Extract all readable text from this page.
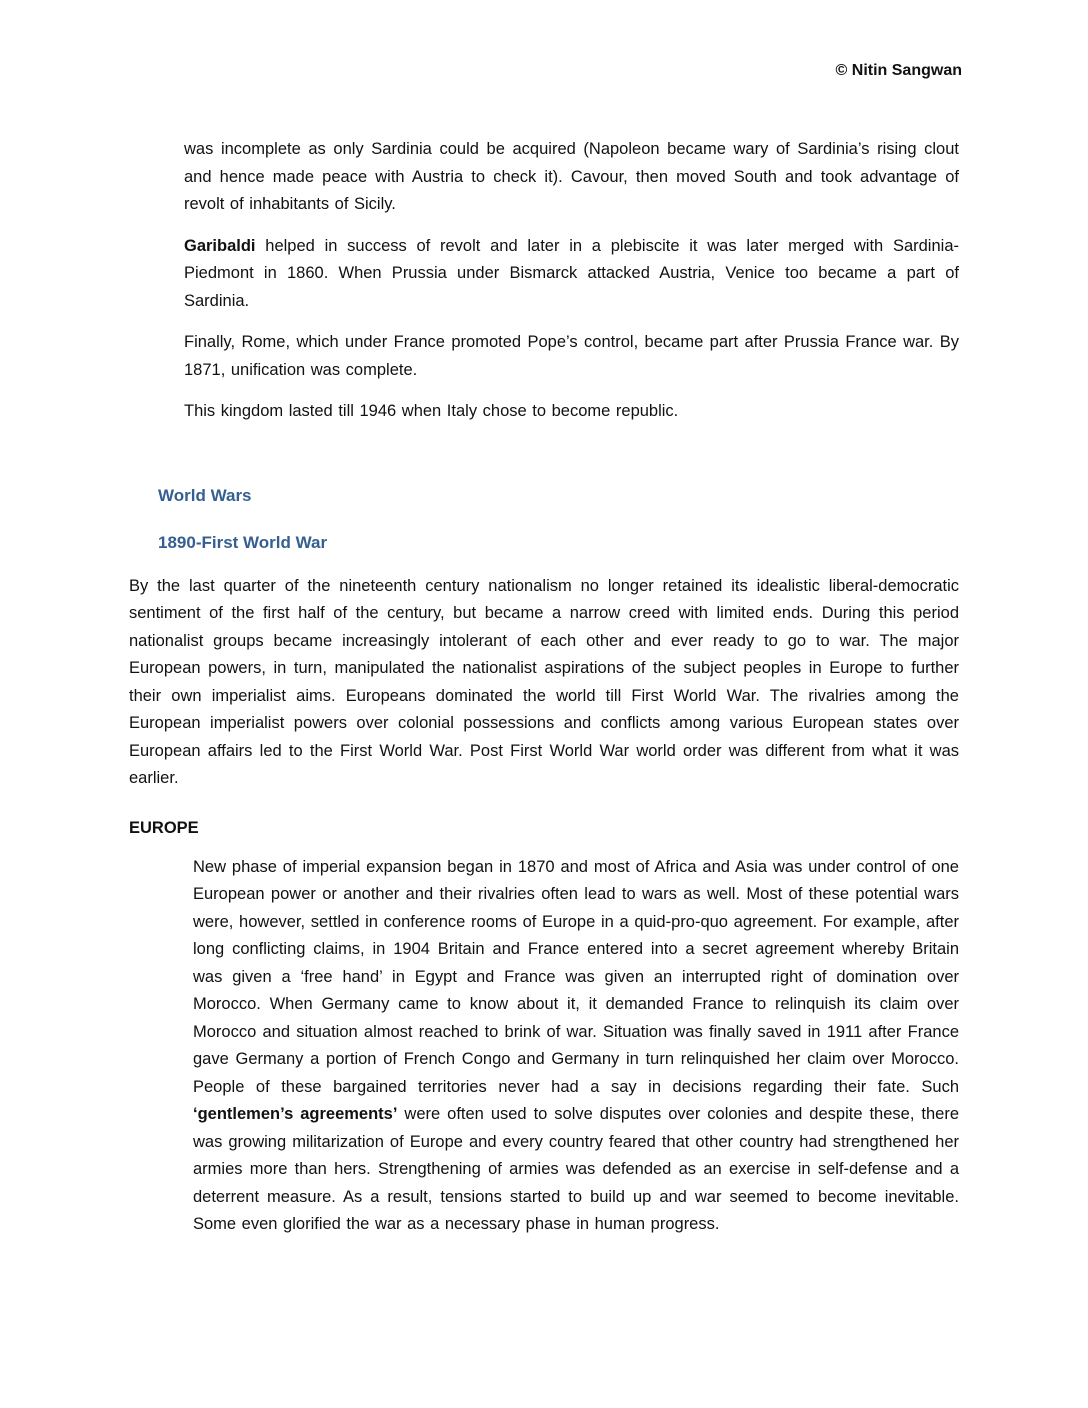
© Nitin Sangwan

was incomplete as only Sardinia could be acquired (Napoleon became wary of Sardinia’s rising clout and hence made peace with Austria to check it). Cavour, then moved South and took advantage of revolt of inhabitants of Sicily.

Garibaldi helped in success of revolt and later in a plebiscite it was later merged with Sardinia-Piedmont in 1860. When Prussia under Bismarck attacked Austria, Venice too became a part of Sardinia.

Finally, Rome, which under France promoted Pope’s control, became part after Prussia France war. By 1871, unification was complete.

This kingdom lasted till 1946 when Italy chose to become republic.

World Wars
1890-First World War

By the last quarter of the nineteenth century nationalism no longer retained its idealistic liberal-democratic sentiment of the first half of the century, but became a narrow creed with limited ends. During this period nationalist groups became increasingly intolerant of each other and ever ready to go to war. The major European powers, in turn, manipulated the nationalist aspirations of the subject peoples in Europe to further their own imperialist aims. Europeans dominated the world till First World War. The rivalries among the European imperialist powers over colonial possessions and conflicts among various European states over European affairs led to the First World War. Post First World War world order was different from what it was earlier.

EUROPE

New phase of imperial expansion began in 1870 and most of Africa and Asia was under control of one European power or another and their rivalries often lead to wars as well. Most of these potential wars were, however, settled in conference rooms of Europe in a quid-pro-quo agreement. For example, after long conflicting claims, in 1904 Britain and France entered into a secret agreement whereby Britain was given a ‘free hand’ in Egypt and France was given an interrupted right of domination over Morocco. When Germany came to know about it, it demanded France to relinquish its claim over Morocco and situation almost reached to brink of war. Situation was finally saved in 1911 after France gave Germany a portion of French Congo and Germany in turn relinquished her claim over Morocco. People of these bargained territories never had a say in decisions regarding their fate. Such ‘gentlemen’s agreements’ were often used to solve disputes over colonies and despite these, there was growing militarization of Europe and every country feared that other country had strengthened her armies more than hers. Strengthening of armies was defended as an exercise in self-defense and a deterrent measure. As a result, tensions started to build up and war seemed to become inevitable. Some even glorified the war as a necessary phase in human progress.
